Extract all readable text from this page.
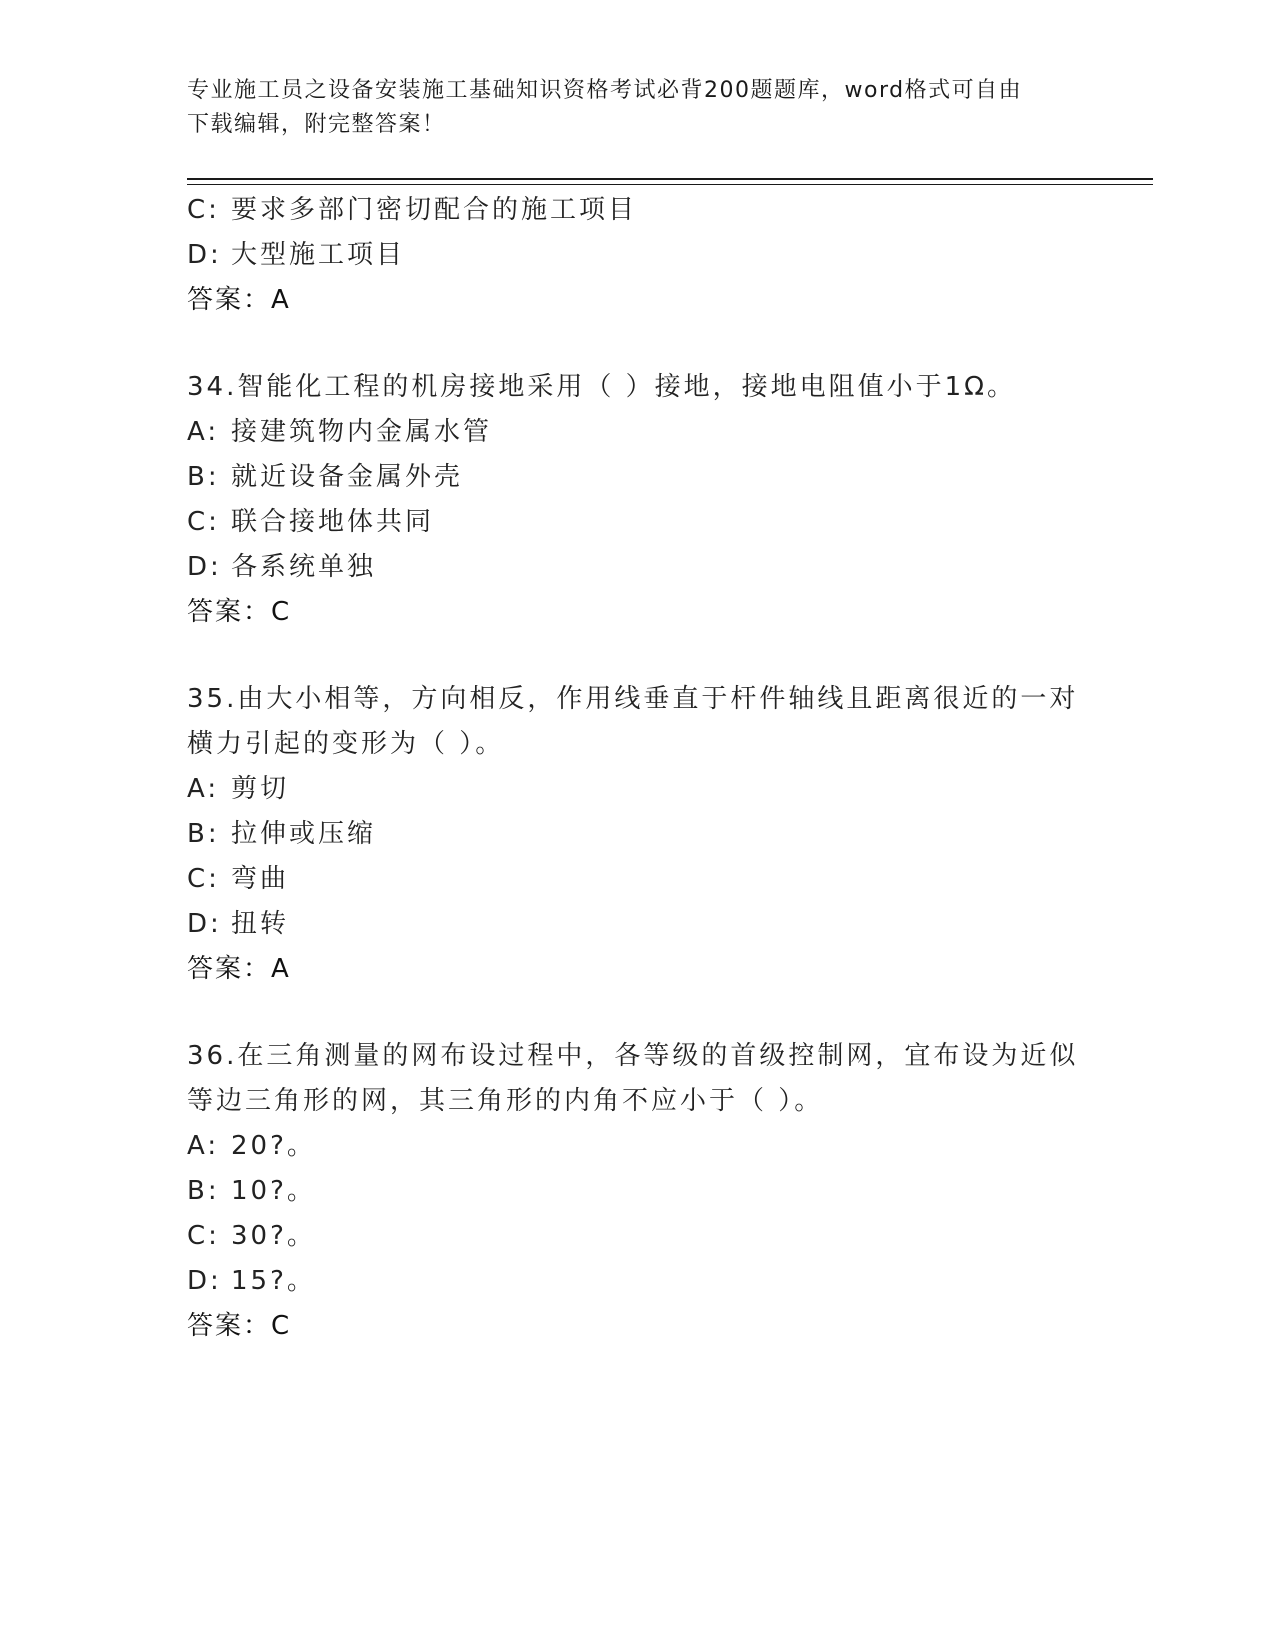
专业施工员之设备安装施工基础知识资格考试必背200题题库，word格式可自由
下载编辑，附完整答案！
C: 要求多部门密切配合的施工项目
D: 大型施工项目
答案：A
34.智能化工程的机房接地采用（ ）接地，接地电阻值小于1Ω。
A: 接建筑物内金属水管
B: 就近设备金属外壳
C: 联合接地体共同
D: 各系统单独
答案：C
35.由大小相等，方向相反，作用线垂直于杆件轴线且距离很近的一对
横力引起的变形为（ ）。
A: 剪切
B: 拉伸或压缩
C: 弯曲
D: 扭转
答案：A
36.在三角测量的网布设过程中，各等级的首级控制网，宜布设为近似
等边三角形的网，其三角形的内角不应小于（ ）。
A: 20?。
B: 10?。
C: 30?。
D: 15?。
答案：C
